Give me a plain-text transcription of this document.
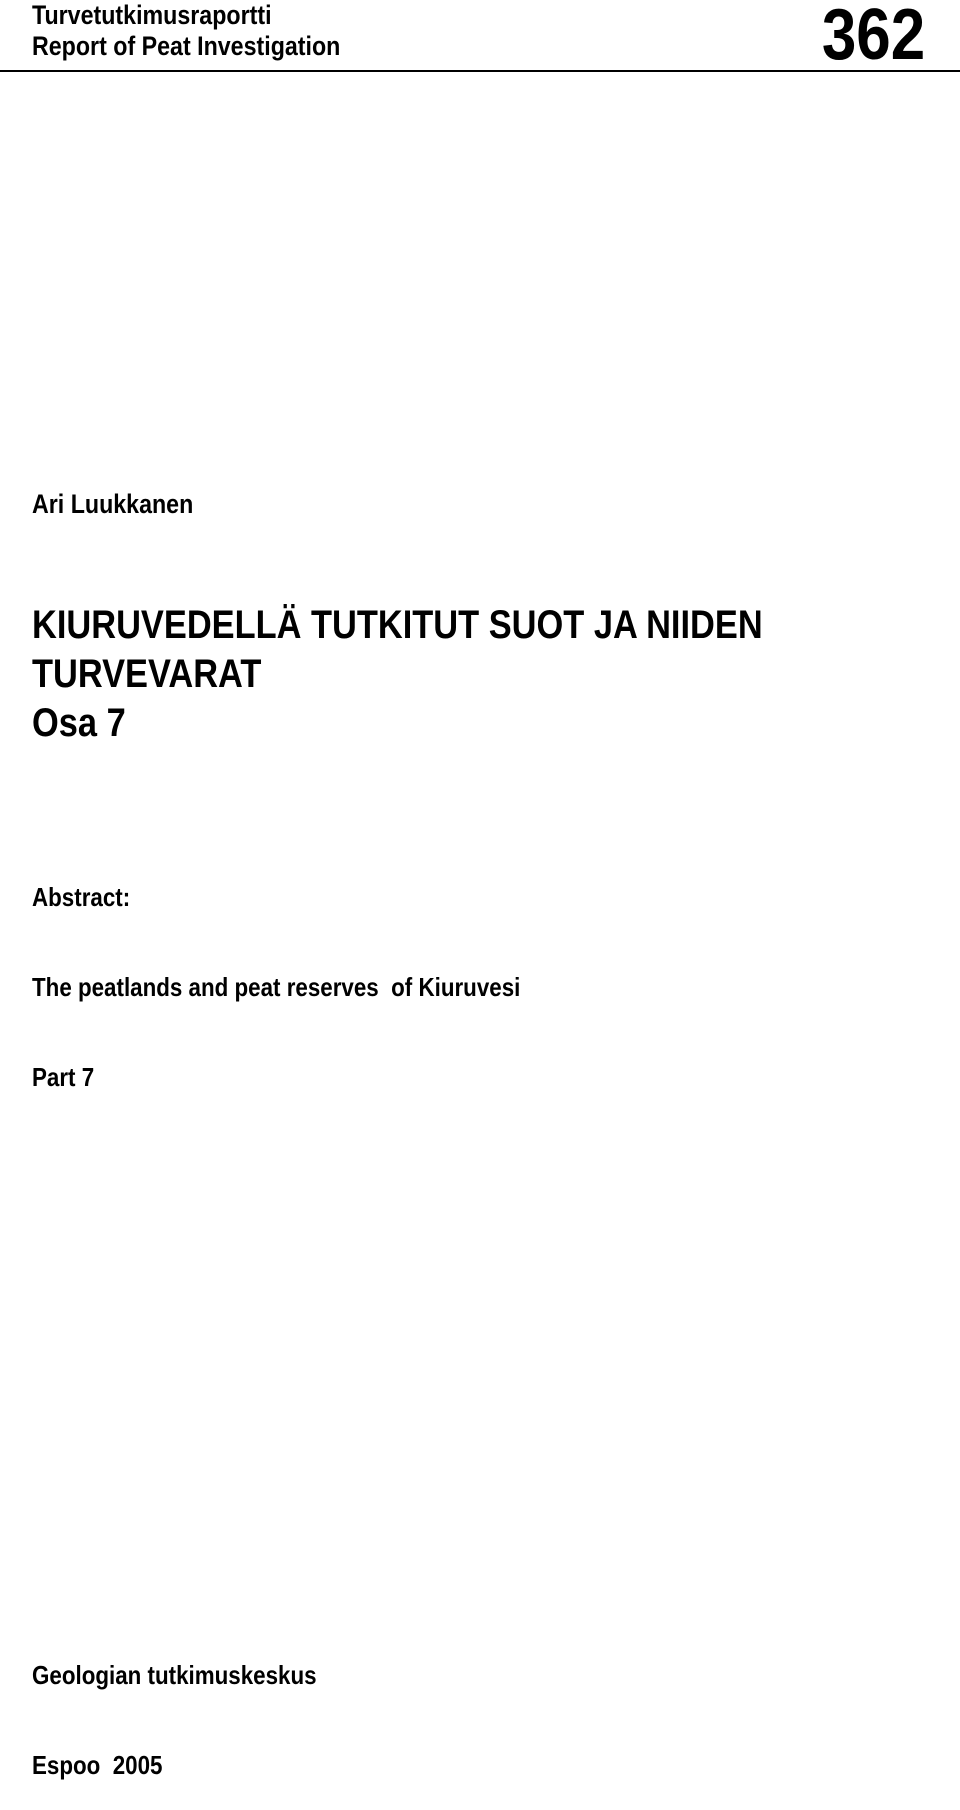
Turvetutkimusraportti
Report of Peat Investigation	362
Ari Luukkanen
KIURUVEDELLÄ TUTKITUT SUOT JA NIIDEN
TURVEVARAT
Osa 7

Abstract:

The peatlands and peat reserves  of Kiuruvesi

Part 7

Geologian tutkimuskeskus

Espoo  2005
